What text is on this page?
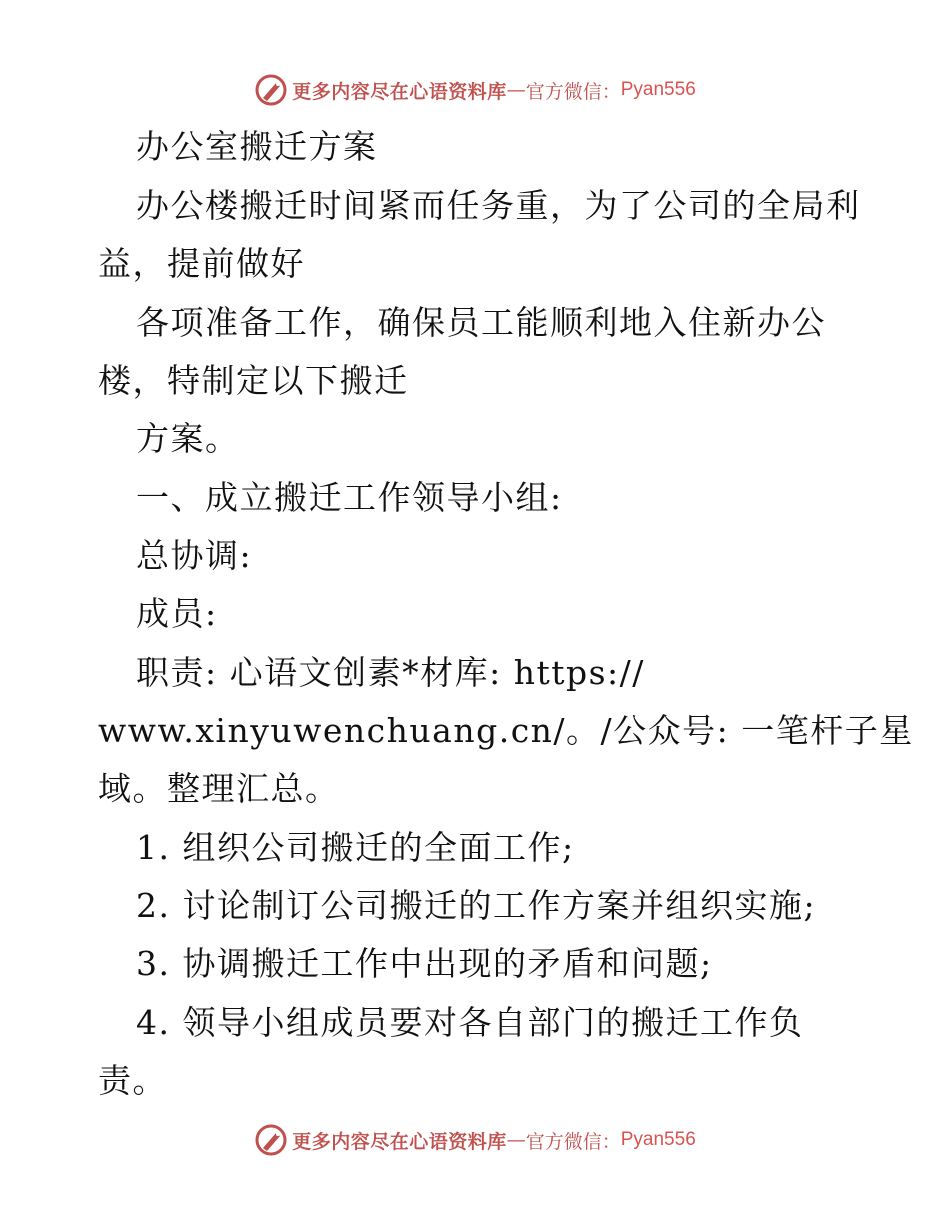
更多内容尽在心语资料库 — 官方微信： Pyan556
办公室搬迁方案
办公楼搬迁时间紧而任务重，为了公司的全局利
益，提前做好
各项准备工作，确保员工能顺利地入住新办公
楼，特制定以下搬迁
方案。
一、成立搬迁工作领导小组:
总协调:
成员:
职责: 心语文创素*材库: https://
www.xinyuwenchuang.cn/。/公众号: 一笔杆子星
域。整理汇总。
1. 组织公司搬迁的全面工作;
2. 讨论制订公司搬迁的工作方案并组织实施;
3. 协调搬迁工作中出现的矛盾和问题;
4. 领导小组成员要对各自部门的搬迁工作负
责。
更多内容尽在心语资料库 — 官方微信： Pyan556
